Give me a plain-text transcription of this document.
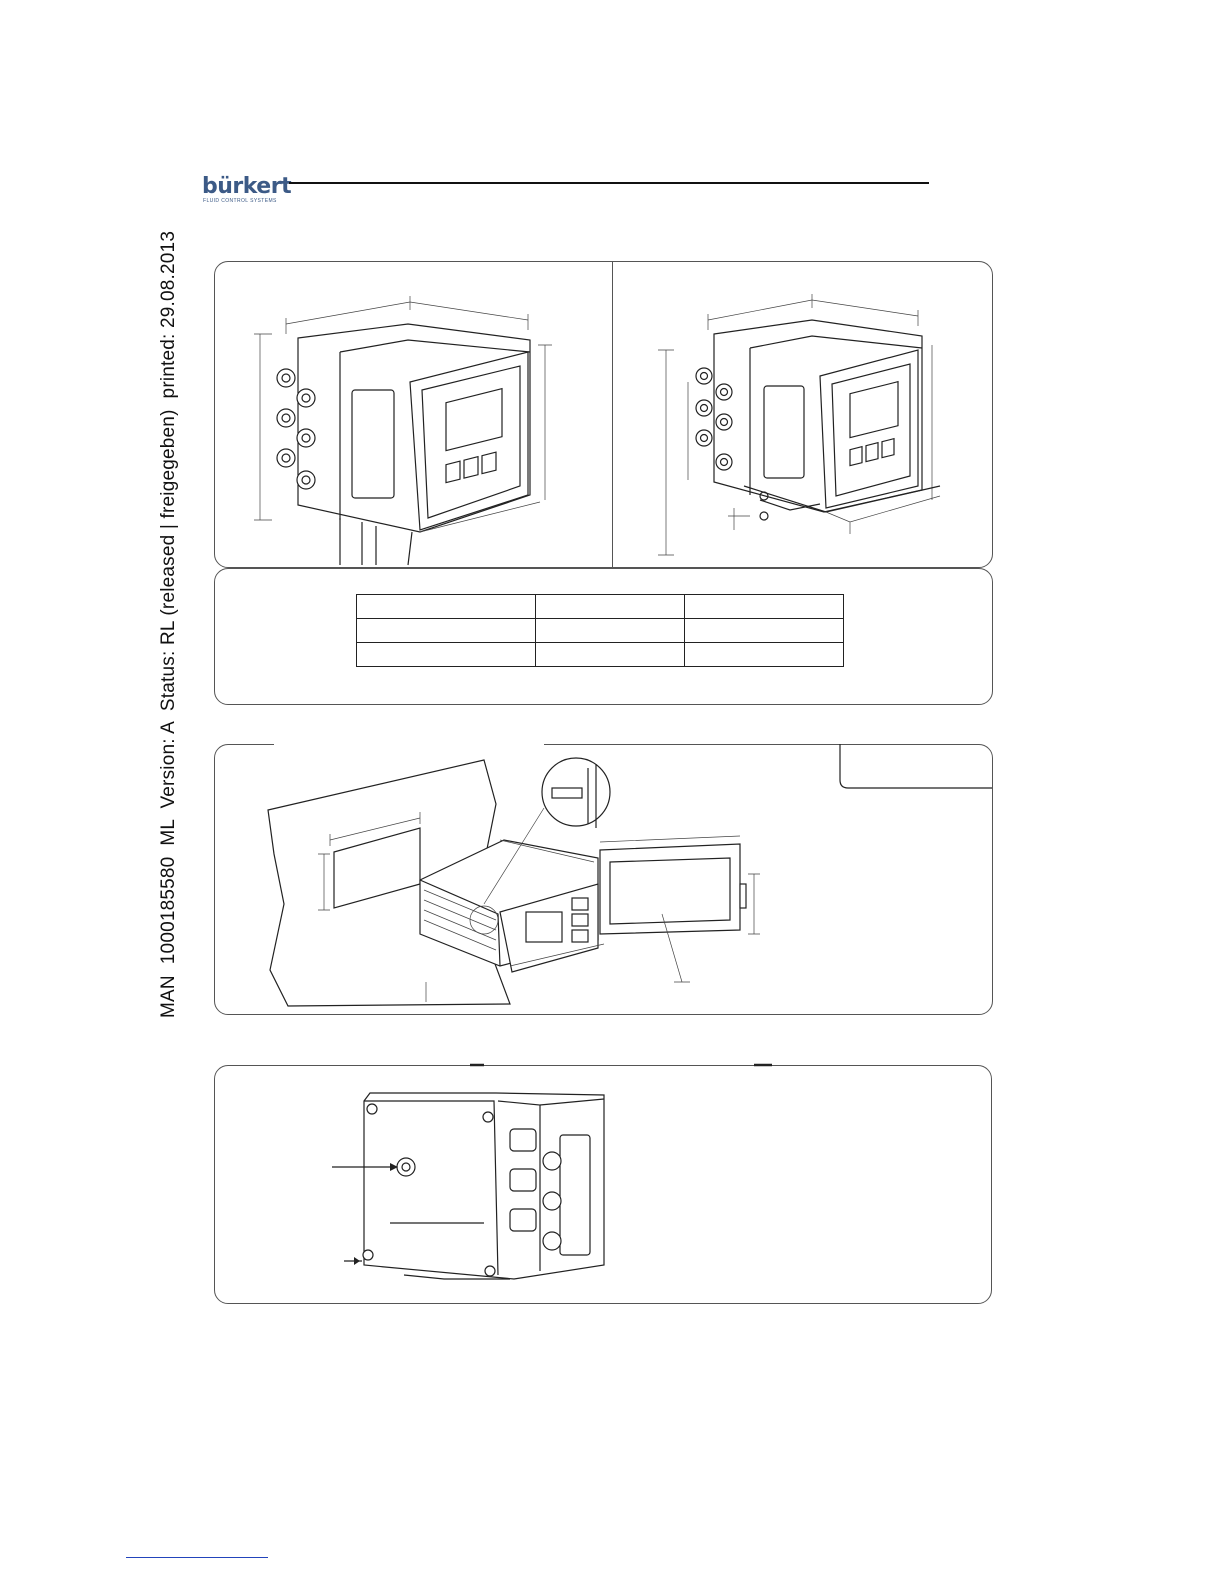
MAN  1000185580  ML  Version: A  Status: RL (released | freigegeben)  printed: 29.08.2013
bürkert
FLUID CONTROL SYSTEMS
